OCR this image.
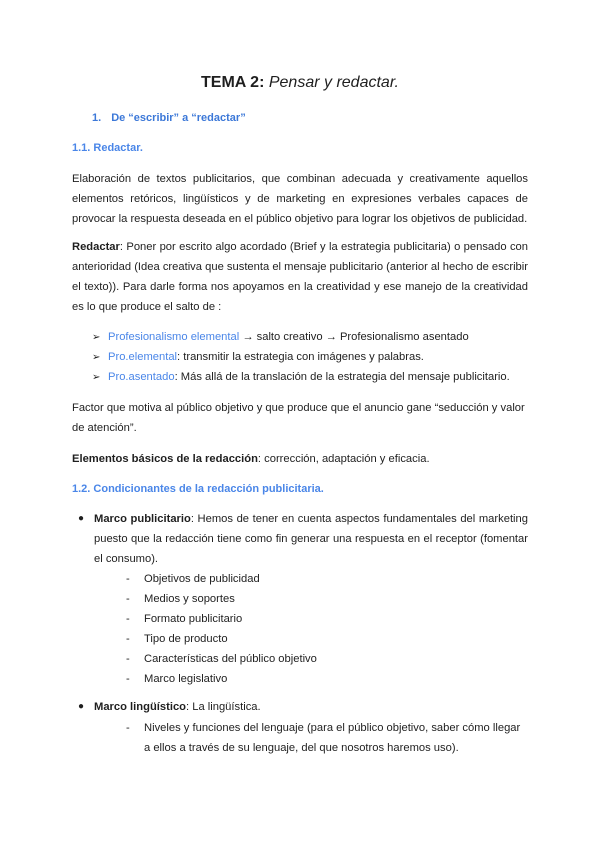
TEMA 2: Pensar y redactar.
1. De “escribir” a “redactar”
1.1. Redactar.
Elaboración de textos publicitarios, que combinan adecuada y creativamente aquellos elementos retóricos, lingüísticos y de marketing en expresiones verbales capaces de provocar la respuesta deseada en el público objetivo para lograr los objetivos de publicidad.
Redactar: Poner por escrito algo acordado (Brief y la estrategia publicitaria) o pensado con anterioridad (Idea creativa que sustenta el mensaje publicitario (anterior al hecho de escribir el texto)). Para darle forma nos apoyamos en la creatividad y ese manejo de la creatividad es lo que produce el salto de :
➢ Profesionalismo elemental → salto creativo → Profesionalismo asentado
➢ Pro.elemental: transmitir la estrategia con imágenes y palabras.
➢ Pro.asentado: Más allá de la translación de la estrategia del mensaje publicitario.
Factor que motiva al público objetivo y que produce que el anuncio gane “seducción y valor de atención”.
Elementos básicos de la redacción: corrección, adaptación y eficacia.
1.2. Condicionantes de la redacción publicitaria.
● Marco publicitario: Hemos de tener en cuenta aspectos fundamentales del marketing puesto que la redacción tiene como fin generar una respuesta en el receptor (fomentar el consumo).
- Objetivos de publicidad
- Medios y soportes
- Formato publicitario
- Tipo de producto
- Características del público objetivo
- Marco legislativo
● Marco lingüístico: La lingüística.
- Niveles y funciones del lenguaje (para el público objetivo, saber cómo llegar a ellos a través de su lenguaje, del que nosotros haremos uso).
